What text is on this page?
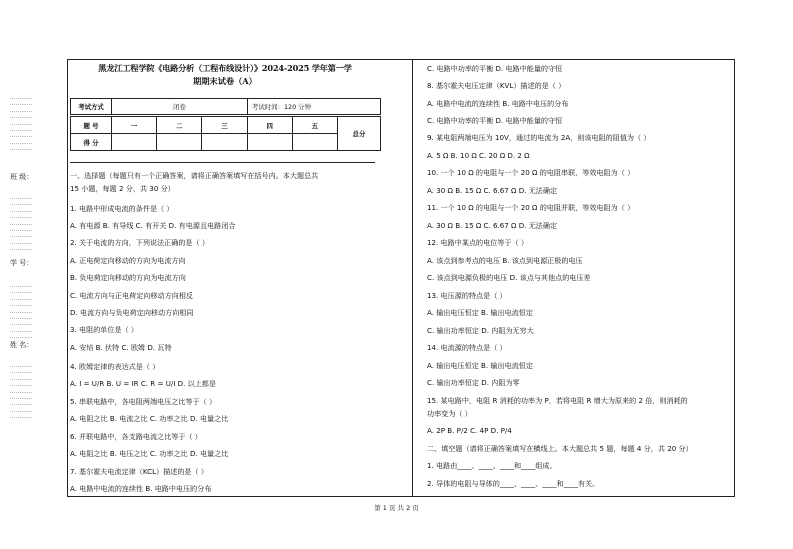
............
............
............
............
............
............
............
............
............
班 级：
............
............
............
............
............
............
............
............
............
学 号：
............
............
............
............
............
............
............
............
............
姓 名：
............
............
............
............
............
............
............
............
............
黑龙江工程学院《电路分析（工程布线设计）》2024-2025 学年第一学
期期末试卷（A）
考试方式	闭卷	考试时间：120 分钟
题 号	一	二	三	四	五	总分
得 分						
一、选择题（每题只有一个正确答案，请将正确答案填写在括号内。本大题总共
15 小题，每题 2 分，共 30 分）
1. 电路中形成电流的条件是（ ）
A. 有电源 B. 有导线 C. 有开关 D. 有电源且电路闭合
2. 关于电流的方向，下列说法正确的是（ ）
A. 正电荷定向移动的方向为电流方向
B. 负电荷定向移动的方向为电流方向
C. 电流方向与正电荷定向移动方向相反
D. 电流方向与负电荷定向移动方向相同
3. 电阻的单位是（ ）
A. 安培 B. 伏特 C. 欧姆 D. 瓦特
4. 欧姆定律的表达式是（ ）
A. I = U/R B. U = IR C. R = U/I D. 以上都是
5. 串联电路中，各电阻两端电压之比等于（ ）
A. 电阻之比 B. 电流之比 C. 功率之比 D. 电量之比
6. 并联电路中，各支路电流之比等于（ ）
A. 电阻之比 B. 电压之比 C. 功率之比 D. 电量之比
7. 基尔霍夫电流定律（KCL）描述的是（ ）
A. 电路中电流的连续性 B. 电路中电压的分布
C. 电路中功率的平衡 D. 电路中能量的守恒
8. 基尔霍夫电压定律（KVL）描述的是（ ）
A. 电路中电流的连续性 B. 电路中电压的分布
C. 电路中功率的平衡 D. 电路中能量的守恒
9. 某电阻两端电压为 10V，通过的电流为 2A，则该电阻的阻值为（ ）
A. 5 Ω B. 10 Ω C. 20 Ω D. 2 Ω
10. 一个 10 Ω 的电阻与一个 20 Ω 的电阻串联，等效电阻为（ ）
A. 30 Ω B. 15 Ω C. 6.67 Ω D. 无法确定
11. 一个 10 Ω 的电阻与一个 20 Ω 的电阻并联，等效电阻为（ ）
A. 30 Ω B. 15 Ω C. 6.67 Ω D. 无法确定
12. 电路中某点的电位等于（ ）
A. 该点到参考点的电压 B. 该点到电源正极的电压
C. 该点到电源负极的电压 D. 该点与其他点的电压差
13. 电压源的特点是（ ）
A. 输出电压恒定 B. 输出电流恒定
C. 输出功率恒定 D. 内阻为无穷大
14. 电流源的特点是（ ）
A. 输出电压恒定 B. 输出电流恒定
C. 输出功率恒定 D. 内阻为零
15. 某电路中，电阻 R 消耗的功率为 P，若将电阻 R 增大为原来的 2 倍，则消耗的
功率变为（ ）
A. 2P B. P/2 C. 4P D. P/4
二、填空题（请将正确答案填写在横线上。本大题总共 5 题，每题 4 分，共 20 分）
1. 电路由____、____、____和____组成。
2. 导体的电阻与导体的____、____、____和____有关。
第 1 页 共 2 页
